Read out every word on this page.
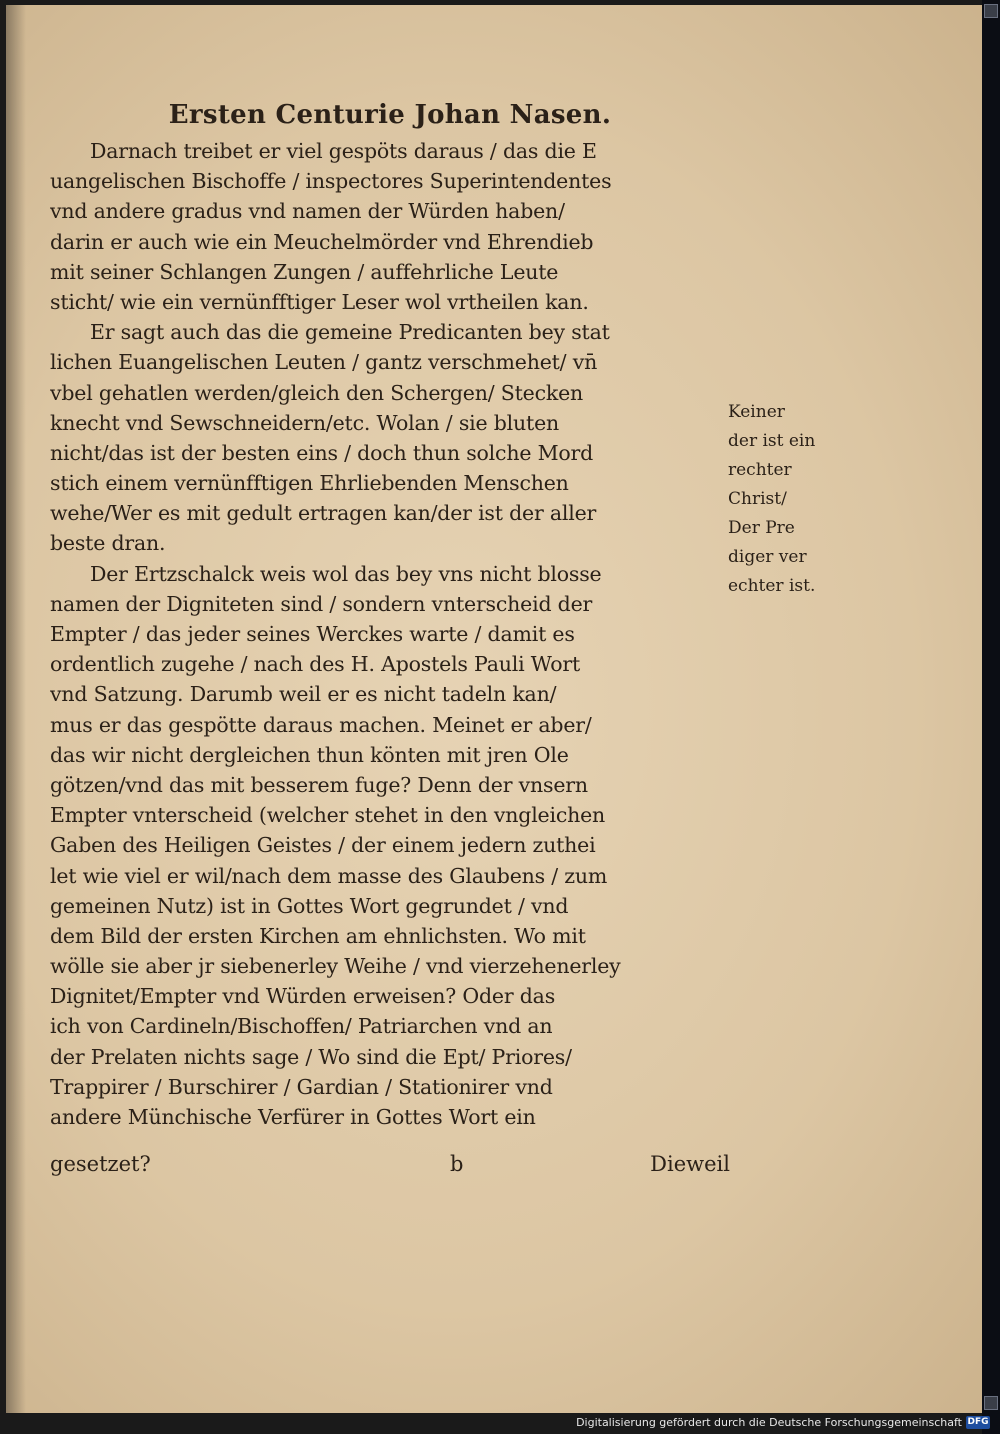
Ersten Centurie Johan Nasen.
Darnach treibet er viel gespöts daraus / das die E
uangelischen Bischoffe / inspectores Superintendentes
vnd andere gradus vnd namen der Würden haben/
darin er auch wie ein Meuchelmörder vnd Ehrendieb
mit seiner Schlangen Zungen / auffehrliche Leute
sticht/ wie ein vernünfftiger Leser wol vrtheilen kan.
Er sagt auch das die gemeine Predicanten bey stat
lichen Euangelischen Leuten / gantz verschmehet/ vn̄
vbel gehatlen werden/gleich den Schergen/ Stecken
knecht vnd Sewschneidern/etc. Wolan / sie bluten
nicht/das ist der besten eins / doch thun solche Mord
stich einem vernünfftigen Ehrliebenden Menschen
wehe/Wer es mit gedult ertragen kan/der ist der aller
beste dran.
Der Ertzschalck weis wol das bey vns nicht blosse
namen der Digniteten sind / sondern vnterscheid der
Empter / das jeder seines Werckes warte / damit es
ordentlich zugehe / nach des H. Apostels Pauli Wort
vnd Satzung. Darumb weil er es nicht tadeln kan/
mus er das gespötte daraus machen. Meinet er aber/
das wir nicht dergleichen thun könten mit jren Ole
götzen/vnd das mit besserem fuge? Denn der vnsern
Empter vnterscheid (welcher stehet in den vngleichen
Gaben des Heiligen Geistes / der einem jedern zuthei
let wie viel er wil/nach dem masse des Glaubens / zum
gemeinen Nutz) ist in Gottes Wort gegrundet / vnd
dem Bild der ersten Kirchen am ehnlichsten. Wo mit
wölle sie aber jr siebenerley Weihe / vnd vierzehenerley
Dignitet/Empter vnd Würden erweisen? Oder das
ich von Cardineln/Bischoffen/ Patriarchen vnd an
der Prelaten nichts sage / Wo sind die Ept/ Priores/
Trappirer / Burschirer / Gardian / Stationirer vnd
andere Münchische Verfürer in Gottes Wort ein
Keiner
der ist ein
rechter
Christ/
Der Pre
diger ver
echter ist.
gesetzet?	b	Dieweil
Digitalisierung gefördert durch die Deutsche Forschungsgemeinschaft DFG
